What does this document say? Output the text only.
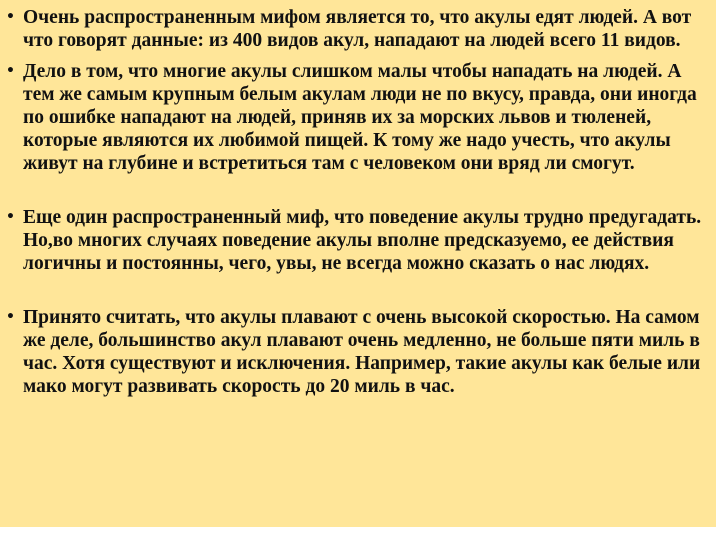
• Очень распространенным мифом является то, что акулы едят людей. А вот что говорят данные: из 400 видов акул, нападают на людей всего 11 видов.
• Дело в том, что многие акулы слишком малы чтобы нападать на людей. А тем же самым крупным белым акулам люди не по вкусу, правда, они иногда по ошибке нападают на людей, приняв их за морских львов и тюленей, которые являются их любимой пищей. К тому же надо учесть, что акулы живут на глубине и встретиться там с человеком они вряд ли смогут.
• Еще один распространенный миф, что поведение акулы трудно предугадать. Но,во многих случаях поведение акулы вполне предсказуемо, ее действия логичны и постоянны, чего, увы, не всегда можно сказать о нас людях.
• Принято считать, что акулы плавают с очень высокой скоростью. На самом же деле, большинство акул плавают очень медленно, не больше пяти миль в час. Хотя существуют и исключения. Например, такие акулы как белые или мако могут развивать скорость до 20 миль в час.
